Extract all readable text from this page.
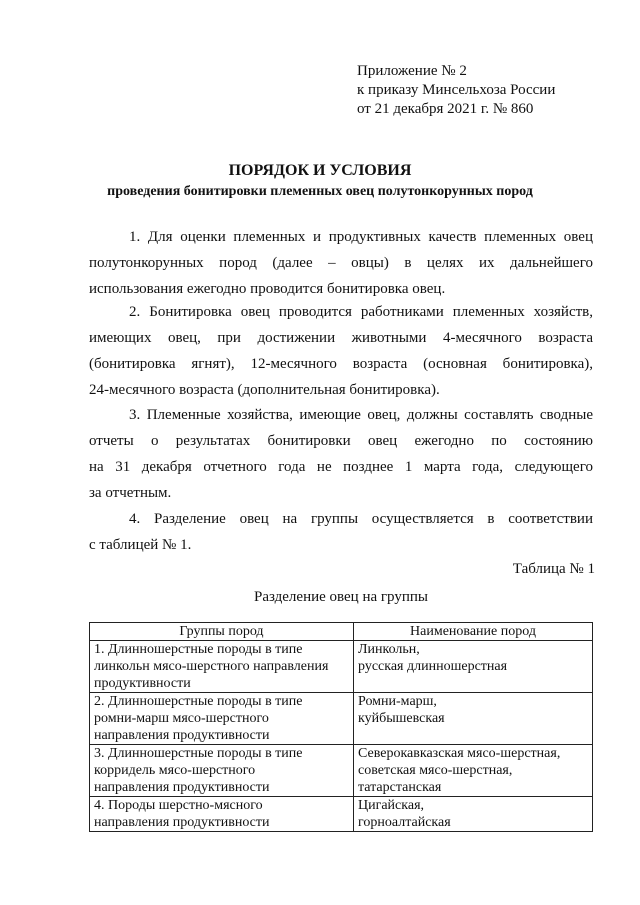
Приложение № 2
к приказу Минсельхоза России
от 21 декабря 2021 г. № 860
ПОРЯДОК И УСЛОВИЯ
проведения бонитировки племенных овец полутонкорунных пород
1. Для оценки племенных и продуктивных качеств племенных овец
полутонкорунных пород (далее – овцы) в целях их дальнейшего
использования ежегодно проводится бонитировка овец.
2. Бонитировка овец проводится работниками племенных хозяйств,
имеющих овец, при достижении животными 4-месячного возраста
(бонитировка ягнят), 12-месячного возраста (основная бонитировка),
24-месячного возраста (дополнительная бонитировка).
3. Племенные хозяйства, имеющие овец, должны составлять сводные
отчеты о результатах бонитировки овец ежегодно по состоянию
на 31 декабря отчетного года не позднее 1 марта года, следующего
за отчетным.
4. Разделение овец на группы осуществляется в соответствии
с таблицей № 1.
Таблица № 1
Разделение овец на группы
Группы пород	Наименование пород

1. Длинношерстные породы в типе
линкольн мясо-шерстного направления
продуктивности	Линкольн,
русская длинношерстная

2. Длинношерстные породы в типе
ромни-марш мясо-шерстного
направления продуктивности	Ромни-марш,
куйбышевская

3. Длинношерстные породы в типе
корридель мясо-шерстного
направления продуктивности	Северокавказская мясо-шерстная,
советская мясо-шерстная,
татарстанская

4. Породы шерстно-мясного
направления продуктивности	Цигайская,
горноалтайская
